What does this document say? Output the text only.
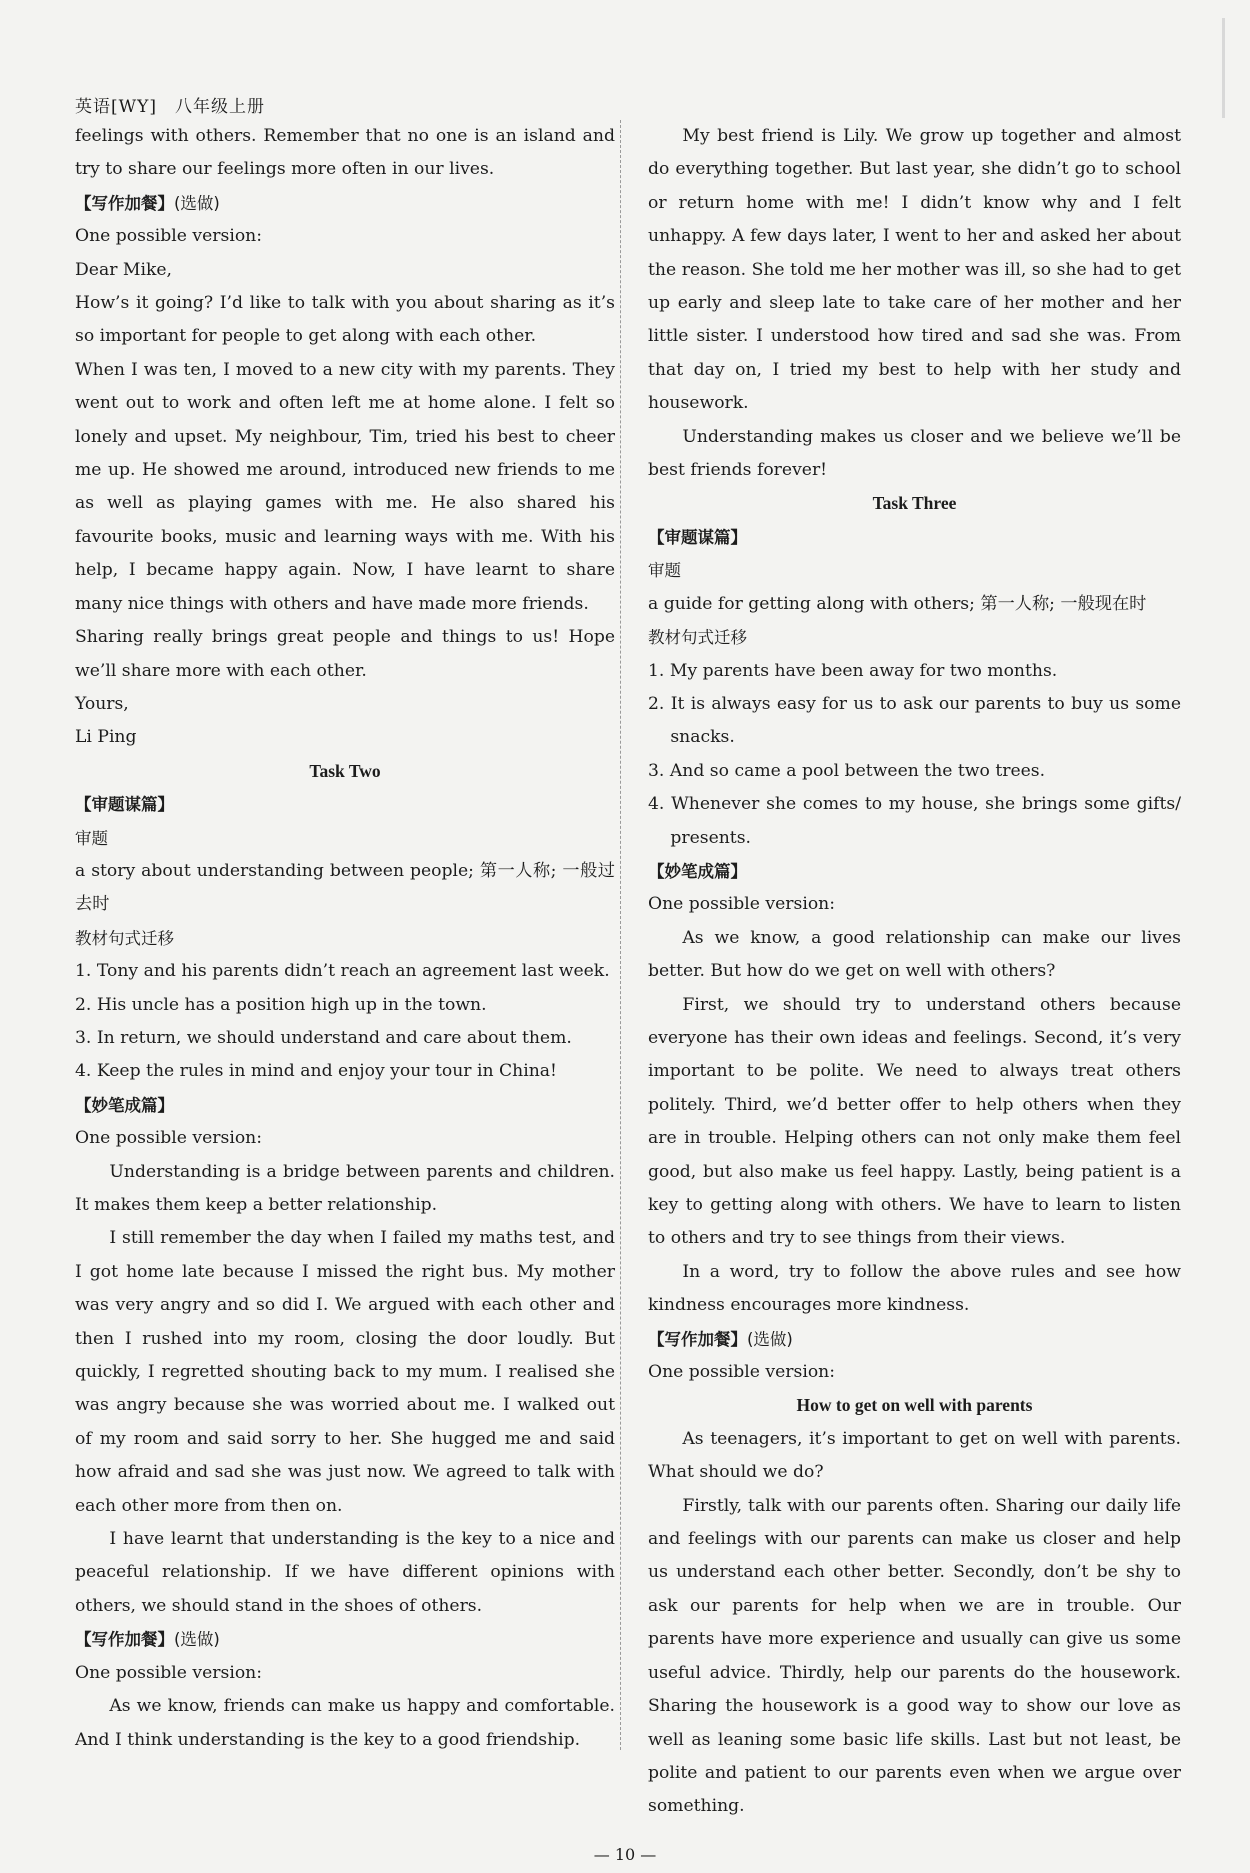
英语[WY]　八年级上册

feelings with others. Remember that no one is an island and try to share our feelings more often in our lives.

【写作加餐】(选做)

One possible version:

Dear Mike,

How’s it going? I’d like to talk with you about sharing as it’s so important for people to get along with each other.

When I was ten, I moved to a new city with my parents. They went out to work and often left me at home alone. I felt so lonely and upset. My neighbour, Tim, tried his best to cheer me up. He showed me around, introduced new friends to me as well as playing games with me. He also shared his favourite books, music and learning ways with me. With his help, I became happy again. Now, I have learnt to share many nice things with others and have made more friends.

Sharing really brings great people and things to us! Hope we’ll share more with each other.

Yours,

Li Ping

Task Two

【审题谋篇】

审题

a story about understanding between people; 第一人称; 一般过去时

教材句式迁移

1. Tony and his parents didn’t reach an agreement last week.

2. His uncle has a position high up in the town.

3. In return, we should understand and care about them.

4. Keep the rules in mind and enjoy your tour in China!

【妙笔成篇】

One possible version:

Understanding is a bridge between parents and children. It makes them keep a better relationship.

I still remember the day when I failed my maths test, and I got home late because I missed the right bus. My mother was very angry and so did I. We argued with each other and then I rushed into my room, closing the door loudly. But quickly, I regretted shouting back to my mum. I realised she was angry because she was worried about me. I walked out of my room and said sorry to her. She hugged me and said how afraid and sad she was just now. We agreed to talk with each other more from then on.

I have learnt that understanding is the key to a nice and peaceful relationship. If we have different opinions with others, we should stand in the shoes of others.

【写作加餐】(选做)

One possible version:

As we know, friends can make us happy and comfortable. And I think understanding is the key to a good friendship.

My best friend is Lily. We grow up together and almost do everything together. But last year, she didn’t go to school or return home with me! I didn’t know why and I felt unhappy. A few days later, I went to her and asked her about the reason. She told me her mother was ill, so she had to get up early and sleep late to take care of her mother and her little sister. I understood how tired and sad she was. From that day on, I tried my best to help with her study and housework.

Understanding makes us closer and we believe we’ll be best friends forever!

Task Three

【审题谋篇】

审题

a guide for getting along with others; 第一人称; 一般现在时

教材句式迁移

1. My parents have been away for two months.

2. It is always easy for us to ask our parents to buy us some snacks.

3. And so came a pool between the two trees.

4. Whenever she comes to my house, she brings some gifts/ presents.

【妙笔成篇】

One possible version:

As we know, a good relationship can make our lives better. But how do we get on well with others?

First, we should try to understand others because everyone has their own ideas and feelings. Second, it’s very important to be polite. We need to always treat others politely. Third, we’d better offer to help others when they are in trouble. Helping others can not only make them feel good, but also make us feel happy. Lastly, being patient is a key to getting along with others. We have to learn to listen to others and try to see things from their views.

In a word, try to follow the above rules and see how kindness encourages more kindness.

【写作加餐】(选做)

One possible version:

How to get on well with parents

As teenagers, it’s important to get on well with parents. What should we do?

Firstly, talk with our parents often. Sharing our daily life and feelings with our parents can make us closer and help us understand each other better. Secondly, don’t be shy to ask our parents for help when we are in trouble. Our parents have more experience and usually can give us some useful advice. Thirdly, help our parents do the housework. Sharing the housework is a good way to show our love as well as leaning some basic life skills. Last but not least, be polite and patient to our parents even when we argue over something.

— 10 —
